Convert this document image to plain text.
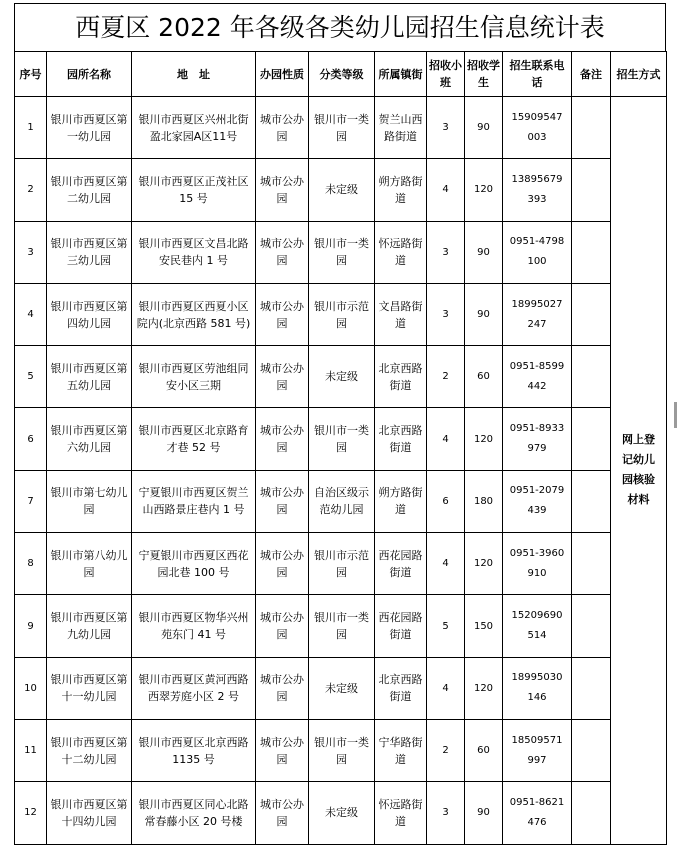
西夏区 2022 年各级各类幼儿园招生信息统计表
序号	园所名称	地　址	办园性质	分类等级	所属镇街	招收小班	招收学生	招生联系电话	备注	招生方式
1	银川市西夏区第一幼儿园	银川市西夏区兴州北街盈北家园A区11号	城市公办园	银川市一类园	贺兰山西路街道	3	90	15909547003		网上登记幼儿园核验材料
2	银川市西夏区第二幼儿园	银川市西夏区正茂社区 15 号	城市公办园	未定级	朔方路街道	4	120	13895679393		
3	银川市西夏区第三幼儿园	银川市西夏区文昌北路安民巷内 1 号	城市公办园	银川市一类园	怀远路街道	3	90	0951-4798100		
4	银川市西夏区第四幼儿园	银川市西夏区西夏小区院内(北京西路 581 号)	城市公办园	银川市示范园	文昌路街道	3	90	18995027247		
5	银川市西夏区第五幼儿园	银川市西夏区劳池组同安小区三期	城市公办园	未定级	北京西路街道	2	60	0951-8599442		
6	银川市西夏区第六幼儿园	银川市西夏区北京路育才巷 52 号	城市公办园	银川市一类园	北京西路街道	4	120	0951-8933979		
7	银川市第七幼儿园	宁夏银川市西夏区贺兰山西路景庄巷内 1 号	城市公办园	自治区级示范幼儿园	朔方路街道	6	180	0951-2079439		
8	银川市第八幼儿园	宁夏银川市西夏区西花园北巷 100 号	城市公办园	银川市示范园	西花园路街道	4	120	0951-3960910		
9	银川市西夏区第九幼儿园	银川市西夏区物华兴州苑东门 41 号	城市公办园	银川市一类园	西花园路街道	5	150	15209690514		
10	银川市西夏区第十一幼儿园	银川市西夏区黄河西路西翠芳庭小区 2 号	城市公办园	未定级	北京西路街道	4	120	18995030146		
11	银川市西夏区第十二幼儿园	银川市西夏区北京西路 1135 号	城市公办园	银川市一类园	宁华路街道	2	60	18509571997		
12	银川市西夏区第十四幼儿园	银川市西夏区同心北路常春藤小区 20 号楼	城市公办园	未定级	怀远路街道	3	90	0951-8621476		
